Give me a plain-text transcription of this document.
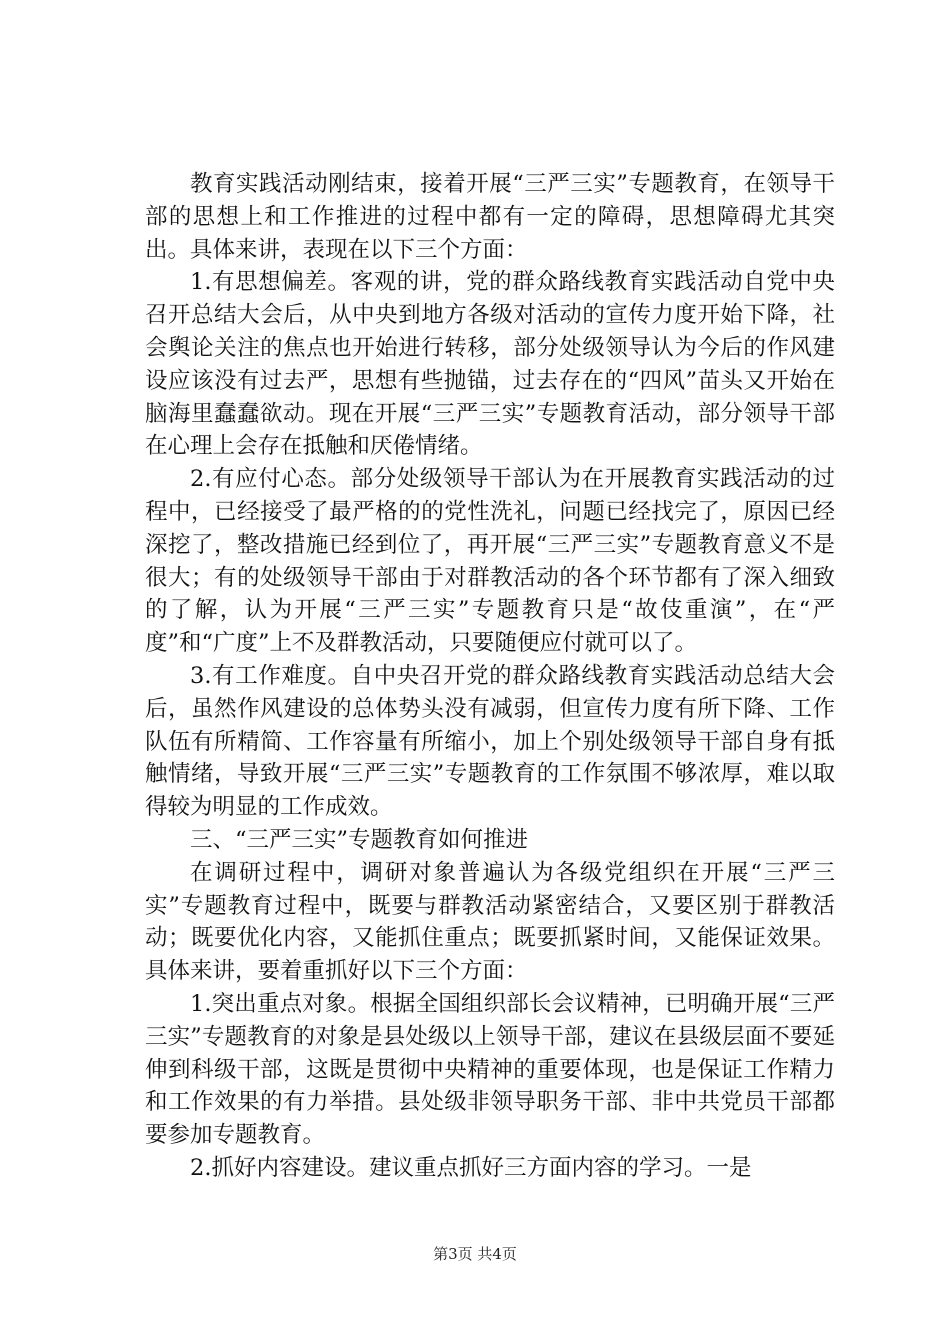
教育实践活动刚结束，接着开展“三严三实”专题教育，在领导干部的思想上和工作推进的过程中都有一定的障碍，思想障碍尤其突出。具体来讲，表现在以下三个方面：

1.有思想偏差。客观的讲，党的群众路线教育实践活动自党中央召开总结大会后，从中央到地方各级对活动的宣传力度开始下降，社会舆论关注的焦点也开始进行转移，部分处级领导认为今后的作风建设应该没有过去严，思想有些抛锚，过去存在的“四风”苗头又开始在脑海里蠢蠢欲动。现在开展“三严三实”专题教育活动，部分领导干部在心理上会存在抵触和厌倦情绪。

2.有应付心态。部分处级领导干部认为在开展教育实践活动的过程中，已经接受了最严格的的党性洗礼，问题已经找完了，原因已经深挖了，整改措施已经到位了，再开展“三严三实”专题教育意义不是很大；有的处级领导干部由于对群教活动的各个环节都有了深入细致的了解，认为开展“三严三实”专题教育只是“故伎重演”，在“严度”和“广度”上不及群教活动，只要随便应付就可以了。

3.有工作难度。自中央召开党的群众路线教育实践活动总结大会后，虽然作风建设的总体势头没有减弱，但宣传力度有所下降、工作队伍有所精简、工作容量有所缩小，加上个别处级领导干部自身有抵触情绪，导致开展“三严三实”专题教育的工作氛围不够浓厚，难以取得较为明显的工作成效。

三、“三严三实”专题教育如何推进

在调研过程中，调研对象普遍认为各级党组织在开展“三严三实”专题教育过程中，既要与群教活动紧密结合，又要区别于群教活动；既要优化内容，又能抓住重点；既要抓紧时间，又能保证效果。具体来讲，要着重抓好以下三个方面：

1.突出重点对象。根据全国组织部长会议精神，已明确开展“三严三实”专题教育的对象是县处级以上领导干部，建议在县级层面不要延伸到科级干部，这既是贯彻中央精神的重要体现，也是保证工作精力和工作效果的有力举措。县处级非领导职务干部、非中共党员干部都要参加专题教育。

2.抓好内容建设。建议重点抓好三方面内容的学习。一是

第3页 共4页
